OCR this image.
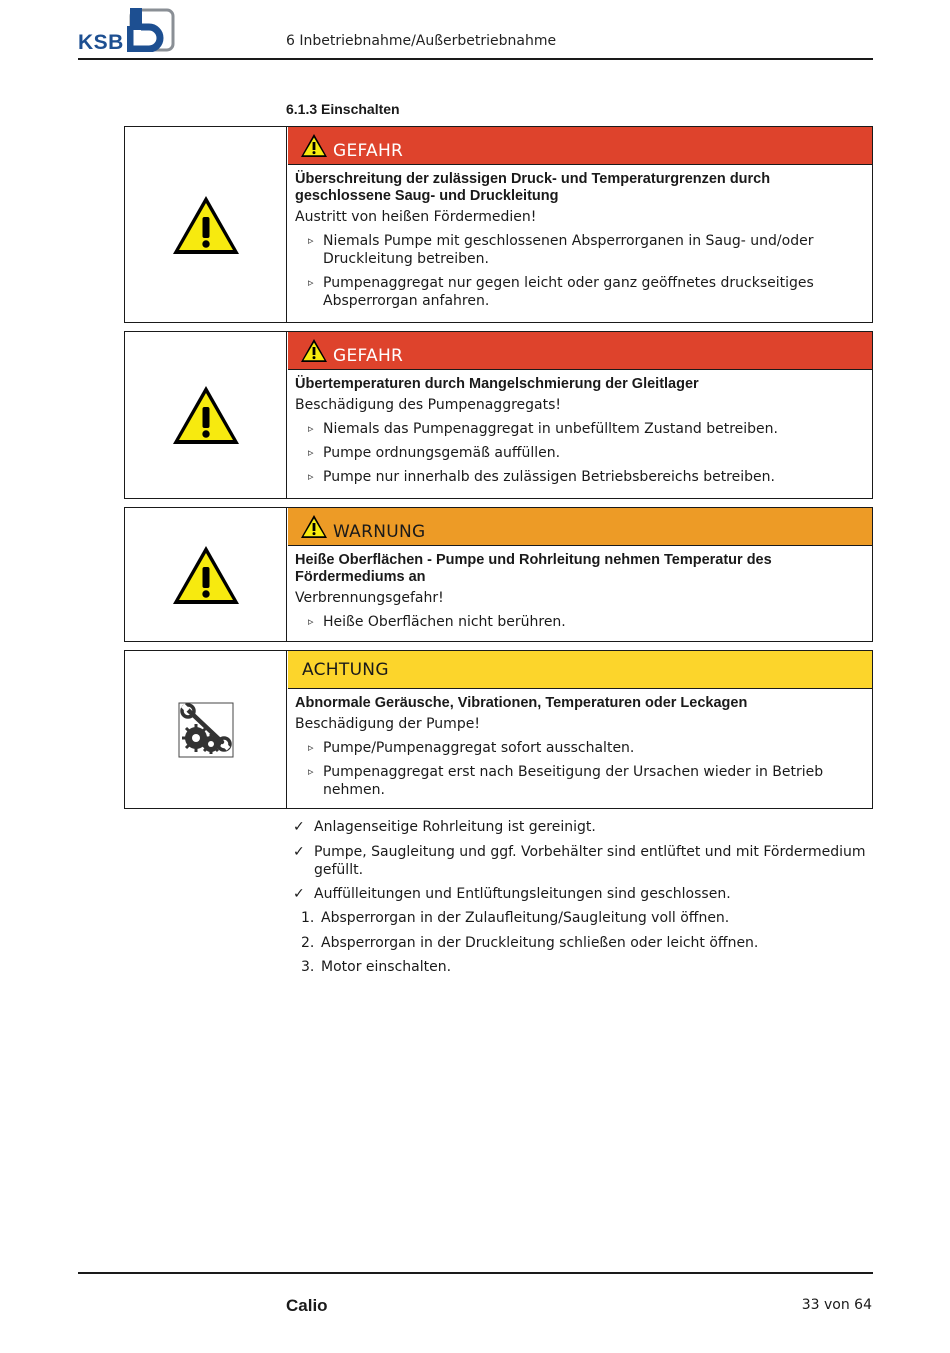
KSB	6 Inbetriebnahme/Außerbetriebnahme
6.1.3 Einschalten
GEFAHR

Überschreitung der zulässigen Druck- und Temperaturgrenzen durch geschlossene Saug- und Druckleitung

Austritt von heißen Fördermedien!

▹ Niemals Pumpe mit geschlossenen Absperrorganen in Saug- und/oder Druckleitung betreiben.
▹ Pumpenaggregat nur gegen leicht oder ganz geöffnetes druckseitiges Absperrorgan anfahren.
GEFAHR

Übertemperaturen durch Mangelschmierung der Gleitlager

Beschädigung des Pumpenaggregats!

▹ Niemals das Pumpenaggregat in unbefülltem Zustand betreiben.
▹ Pumpe ordnungsgemäß auffüllen.
▹ Pumpe nur innerhalb des zulässigen Betriebsbereichs betreiben.
WARNUNG

Heiße Oberflächen - Pumpe und Rohrleitung nehmen Temperatur des Fördermediums an

Verbrennungsgefahr!

▹ Heiße Oberflächen nicht berühren.
ACHTUNG

Abnormale Geräusche, Vibrationen, Temperaturen oder Leckagen

Beschädigung der Pumpe!

▹ Pumpe/Pumpenaggregat sofort ausschalten.
▹ Pumpenaggregat erst nach Beseitigung der Ursachen wieder in Betrieb nehmen.
✓ Anlagenseitige Rohrleitung ist gereinigt.
✓ Pumpe, Saugleitung und ggf. Vorbehälter sind entlüftet und mit Fördermedium gefüllt.
✓ Auffülleitungen und Entlüftungsleitungen sind geschlossen.
1. Absperrorgan in der Zulaufleitung/Saugleitung voll öffnen.
2. Absperrorgan in der Druckleitung schließen oder leicht öffnen.
3. Motor einschalten.
Calio	33 von 64
